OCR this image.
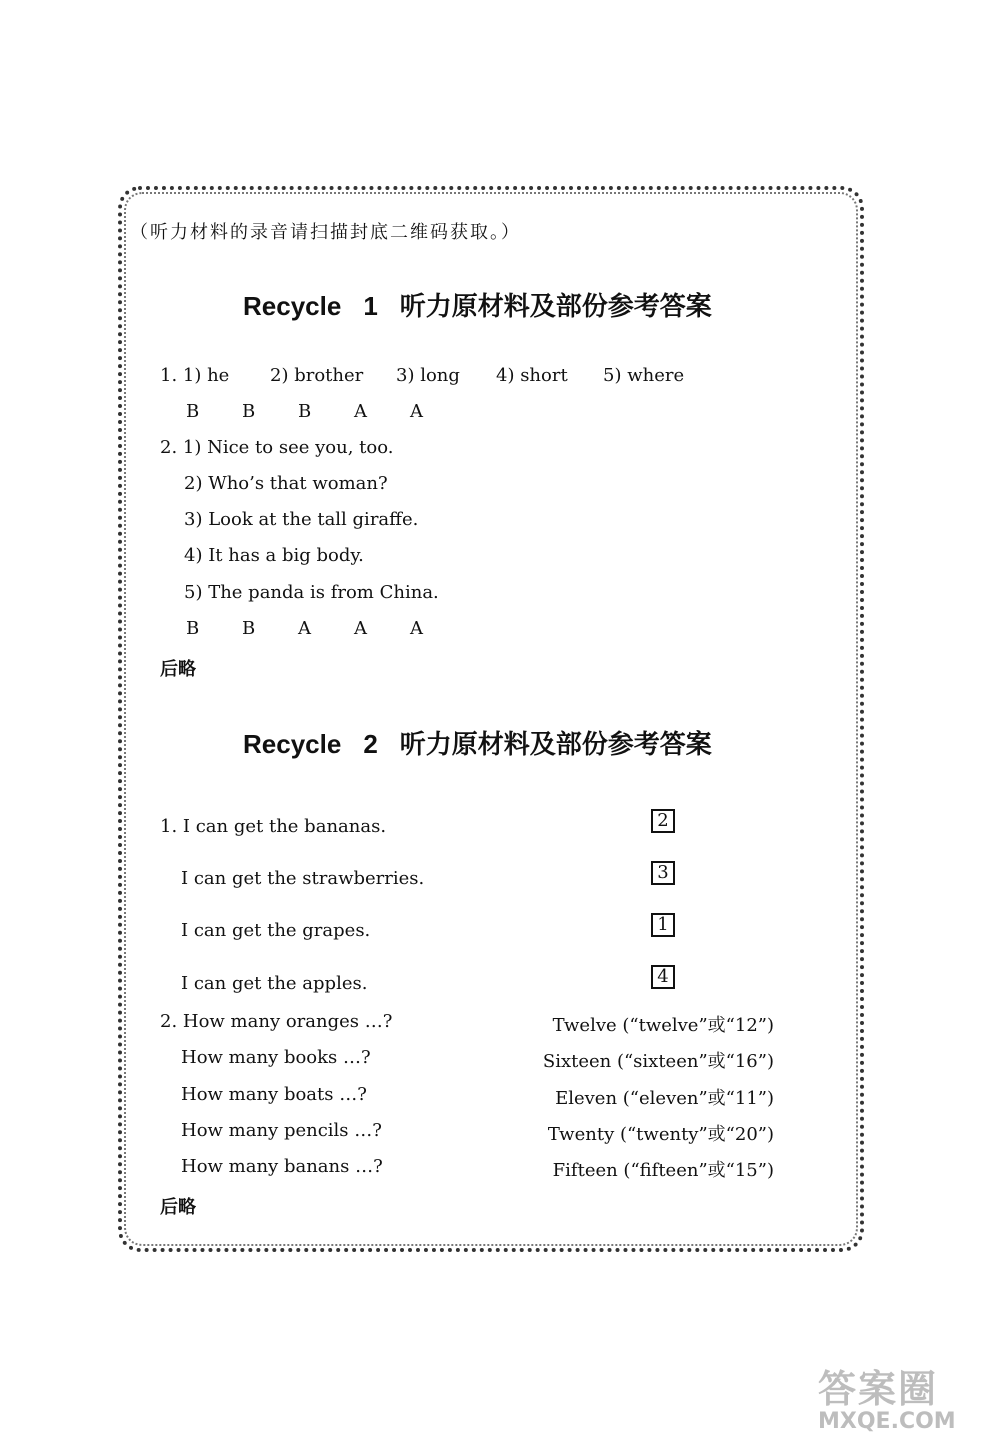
（听力材料的录音请扫描封底二维码获取。）
Recycle 1 听力原材料及部份参考答案
1. 1) he 2) brother 3) long 4) short 5) where
B B B A A
2. 1) Nice to see you, too.
2) Who’s that woman?
3) Look at the tall giraffe.
4) It has a big body.
5) The panda is from China.
B B A A A
后略
Recycle 2 听力原材料及部份参考答案
1. I can get the bananas.
I can get the strawberries.
I can get the grapes.
I can get the apples.
2
3
1
4
2. How many oranges …?
How many books …?
How many boats …?
How many pencils …?
How many banans …?
Twelve (“twelve”或“12”)
Sixteen (“sixteen”或“16”)
Eleven (“eleven”或“11”)
Twenty (“twenty”或“20”)
Fifteen (“fifteen”或“15”)
后略
答案圈
MXQE.COM
